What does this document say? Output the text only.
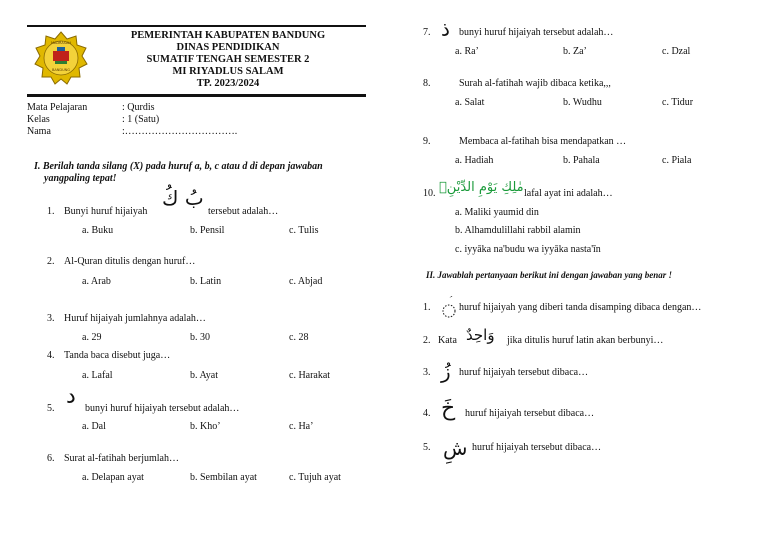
BANDUNG
MADRASAH
PEMERINTAH KABUPATEN BANDUNG
DINAS PENDIDIKAN
SUMATIF TENGAH SEMESTER 2
MI RIYADLUS SALAM
TP. 2023/2024
Mata Pelajaran	: Qurdis
Kelas	: 1 (Satu)
Nama	:…………………………….
I. Berilah tanda silang (X) pada huruf a, b, c atau d di depan jawaban
yangpaling tepat!
1. Bunyi huruf hijaiyah
بُ كُ
tersebut adalah…
a. Buku	b. Pensil	c. Tulis
2. Al-Quran ditulis dengan huruf…
a. Arab	b. Latin	c. Abjad
3. Huruf hijaiyah jumlahnya adalah…
a. 29	b. 30	c. 28
4. Tanda baca disebut juga…
a. Lafal	b. Ayat	c. Harakat
5. د bunyi huruf hijaiyah tersebut adalah…
a. Dal	b. Kho’	c. Ha’
6. Surat al-fatihah berjumlah…
a. Delapan ayat	b. Sembilan ayat	c. Tujuh ayat
7. ذ bunyi huruf hijaiyah tersebut adalah…
a. Ra’	b. Za’	c. Dzal
8.	Surah al-fatihah wajib dibaca ketika,,,
a. Salat	b. Wudhu	c. Tidur
9.	Membaca al-fatihah bisa mendapatkan …
a. Hadiah	b. Pahala	c. Piala
10. مٰلِكِ يَوْمِ الدِّيْنِۗ lafal ayat ini adalah…
a. Maliki yaumid din
b. Alhamdulillahi rabbil alamin
c. iyyāka na'budu wa iyyāka nasta'īn
II. Jawablah pertanyaan berikut ini dengan jawaban yang benar !
1.	huruf hijaiyah yang diberi tanda disamping dibaca dengan…
2. Kata وَاحِدٌ jika ditulis huruf latin akan berbunyi…
3. زُ huruf hijaiyah tersebut dibaca…
4. خَ huruf hijaiyah tersebut dibaca…
5. شِ huruf hijaiyah tersebut dibaca…
